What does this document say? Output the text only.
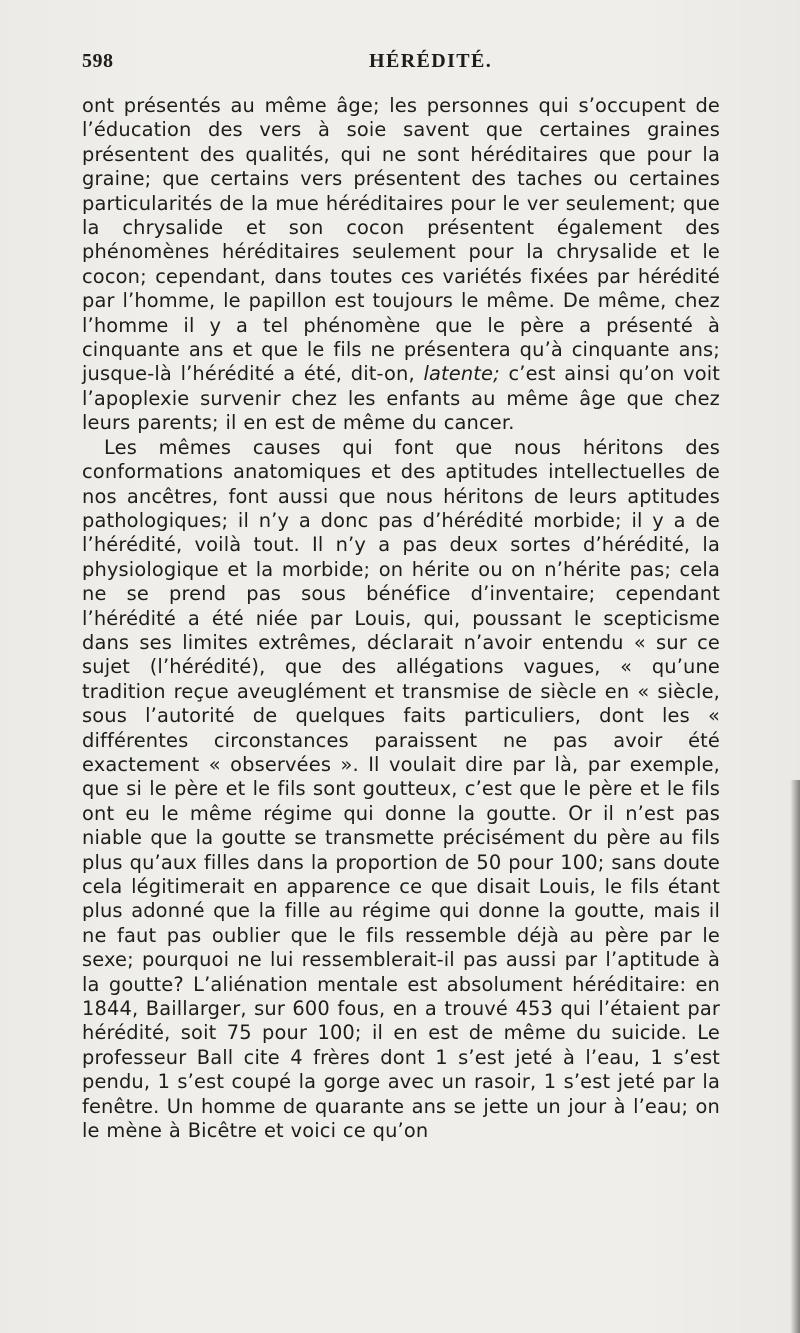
598	HÉRÉDITÉ.

ont présentés au même âge; les personnes qui s’occupent de l’éducation des vers à soie savent que certaines graines présentent des qualités, qui ne sont héréditaires que pour la graine; que certains vers présentent des taches ou certaines particularités de la mue héréditaires pour le ver seulement; que la chrysalide et son cocon présentent également des phénomènes héréditaires seulement pour la chrysalide et le cocon; cependant, dans toutes ces variétés fixées par hérédité par l’homme, le papillon est toujours le même. De même, chez l’homme il y a tel phénomène que le père a présenté à cinquante ans et que le fils ne présentera qu’à cinquante ans; jusque-là l’hérédité a été, dit-on, latente; c’est ainsi qu’on voit l’apoplexie survenir chez les enfants au même âge que chez leurs parents; il en est de même du cancer.

Les mêmes causes qui font que nous héritons des conformations anatomiques et des aptitudes intellectuelles de nos ancêtres, font aussi que nous héritons de leurs aptitudes pathologiques; il n’y a donc pas d’hérédité morbide; il y a de l’hérédité, voilà tout. Il n’y a pas deux sortes d’hérédité, la physiologique et la morbide; on hérite ou on n’hérite pas; cela ne se prend pas sous bénéfice d’inventaire; cependant l’hérédité a été niée par Louis, qui, poussant le scepticisme dans ses limites extrêmes, déclarait n’avoir entendu « sur ce sujet (l’hérédité), que des allégations vagues, « qu’une tradition reçue aveuglément et transmise de siècle en « siècle, sous l’autorité de quelques faits particuliers, dont les « différentes circonstances paraissent ne pas avoir été exactement « observées ». Il voulait dire par là, par exemple, que si le père et le fils sont goutteux, c’est que le père et le fils ont eu le même régime qui donne la goutte. Or il n’est pas niable que la goutte se transmette précisément du père au fils plus qu’aux filles dans la proportion de 50 pour 100; sans doute cela légitimerait en apparence ce que disait Louis, le fils étant plus adonné que la fille au régime qui donne la goutte, mais il ne faut pas oublier que le fils ressemble déjà au père par le sexe; pourquoi ne lui ressemblerait-il pas aussi par l’aptitude à la goutte? L’aliénation mentale est absolument héréditaire: en 1844, Baillarger, sur 600 fous, en a trouvé 453 qui l’étaient par hérédité, soit 75 pour 100; il en est de même du suicide. Le professeur Ball cite 4 frères dont 1 s’est jeté à l’eau, 1 s’est pendu, 1 s’est coupé la gorge avec un rasoir, 1 s’est jeté par la fenêtre. Un homme de quarante ans se jette un jour à l’eau; on le mène à Bicêtre et voici ce qu’on
